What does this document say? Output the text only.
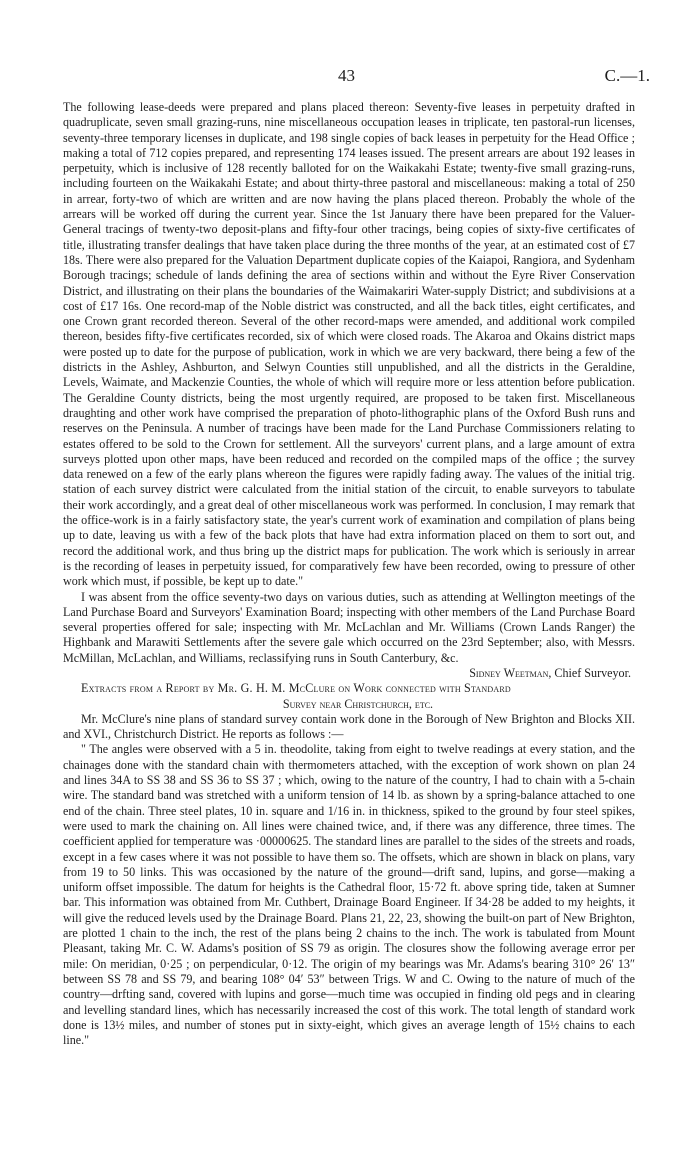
43	C.—1.

The following lease-deeds were prepared and plans placed thereon: Seventy-five leases in perpetuity drafted in quadruplicate, seven small grazing-runs, nine miscellaneous occupation leases in triplicate, ten pastoral-run licenses, seventy-three temporary licenses in duplicate, and 198 single copies of back leases in perpetuity for the Head Office ; making a total of 712 copies prepared, and representing 174 leases issued. The present arrears are about 192 leases in perpetuity, which is inclusive of 128 recently balloted for on the Waikakahi Estate; twenty-five small grazing-runs, including fourteen on the Waikakahi Estate; and about thirty-three pastoral and miscellaneous: making a total of 250 in arrear, forty-two of which are written and are now having the plans placed thereon. Probably the whole of the arrears will be worked off during the current year. Since the 1st January there have been prepared for the Valuer-General tracings of twenty-two deposit-plans and fifty-four other tracings, being copies of sixty-five certificates of title, illustrating transfer dealings that have taken place during the three months of the year, at an estimated cost of £7 18s. There were also prepared for the Valuation Department duplicate copies of the Kaiapoi, Rangiora, and Sydenham Borough tracings; schedule of lands defining the area of sections within and without the Eyre River Conservation District, and illustrating on their plans the boundaries of the Waimakariri Water-supply District; and subdivisions at a cost of £17 16s. One record-map of the Noble district was constructed, and all the back titles, eight certificates, and one Crown grant recorded thereon. Several of the other record-maps were amended, and additional work compiled thereon, besides fifty-five certificates recorded, six of which were closed roads. The Akaroa and Okains district maps were posted up to date for the purpose of publication, work in which we are very backward, there being a few of the districts in the Ashley, Ashburton, and Selwyn Counties still unpublished, and all the districts in the Geraldine, Levels, Waimate, and Mackenzie Counties, the whole of which will require more or less attention before publication. The Geraldine County districts, being the most urgently required, are proposed to be taken first. Miscellaneous draughting and other work have comprised the preparation of photo-lithographic plans of the Oxford Bush runs and reserves on the Peninsula. A number of tracings have been made for the Land Purchase Commissioners relating to estates offered to be sold to the Crown for settlement. All the surveyors' current plans, and a large amount of extra surveys plotted upon other maps, have been reduced and recorded on the compiled maps of the office ; the survey data renewed on a few of the early plans whereon the figures were rapidly fading away. The values of the initial trig. station of each survey district were calculated from the initial station of the circuit, to enable surveyors to tabulate their work accordingly, and a great deal of other miscellaneous work was performed. In conclusion, I may remark that the office-work is in a fairly satisfactory state, the year's current work of examination and compilation of plans being up to date, leaving us with a few of the back plots that have had extra information placed on them to sort out, and record the additional work, and thus bring up the district maps for publication. The work which is seriously in arrear is the recording of leases in perpetuity issued, for comparatively few have been recorded, owing to pressure of other work which must, if possible, be kept up to date."

I was absent from the office seventy-two days on various duties, such as attending at Wellington meetings of the Land Purchase Board and Surveyors' Examination Board; inspecting with other members of the Land Purchase Board several properties offered for sale; inspecting with Mr. McLachlan and Mr. Williams (Crown Lands Ranger) the Highbank and Marawiti Settlements after the severe gale which occurred on the 23rd September; also, with Messrs. McMillan, McLachlan, and Williams, reclassifying runs in South Canterbury, &c.

Sidney Weetman, Chief Surveyor.

Extracts from a Report by Mr. G. H. M. McClure on Work connected with Standard

Survey near Christchurch, etc.

Mr. McClure's nine plans of standard survey contain work done in the Borough of New Brighton and Blocks XII. and XVI., Christchurch District. He reports as follows :—

" The angles were observed with a 5 in. theodolite, taking from eight to twelve readings at every station, and the chainages done with the standard chain with thermometers attached, with the exception of work shown on plan 24 and lines 34A to SS 38 and SS 36 to SS 37 ; which, owing to the nature of the country, I had to chain with a 5-chain wire. The standard band was stretched with a uniform tension of 14 lb. as shown by a spring-balance attached to one end of the chain. Three steel plates, 10 in. square and 1/16 in. in thickness, spiked to the ground by four steel spikes, were used to mark the chaining on. All lines were chained twice, and, if there was any difference, three times. The coefficient applied for temperature was ·00000625. The standard lines are parallel to the sides of the streets and roads, except in a few cases where it was not possible to have them so. The offsets, which are shown in black on plans, vary from 19 to 50 links. This was occasioned by the nature of the ground—drift sand, lupins, and gorse—making a uniform offset impossible. The datum for heights is the Cathedral floor, 15·72 ft. above spring tide, taken at Sumner bar. This information was obtained from Mr. Cuthbert, Drainage Board Engineer. If 34·28 be added to my heights, it will give the reduced levels used by the Drainage Board. Plans 21, 22, 23, showing the built-on part of New Brighton, are plotted 1 chain to the inch, the rest of the plans being 2 chains to the inch. The work is tabulated from Mount Pleasant, taking Mr. C. W. Adams's position of SS 79 as origin. The closures show the following average error per mile: On meridian, 0·25 ; on perpendicular, 0·12. The origin of my bearings was Mr. Adams's bearing 310° 26′ 13″ between SS 78 and SS 79, and bearing 108° 04′ 53″ between Trigs. W and C. Owing to the nature of much of the country—drfting sand, covered with lupins and gorse—much time was occupied in finding old pegs and in clearing and levelling standard lines, which has necessarily increased the cost of this work. The total length of standard work done is 13½ miles, and number of stones put in sixty-eight, which gives an average length of 15½ chains to each line."
